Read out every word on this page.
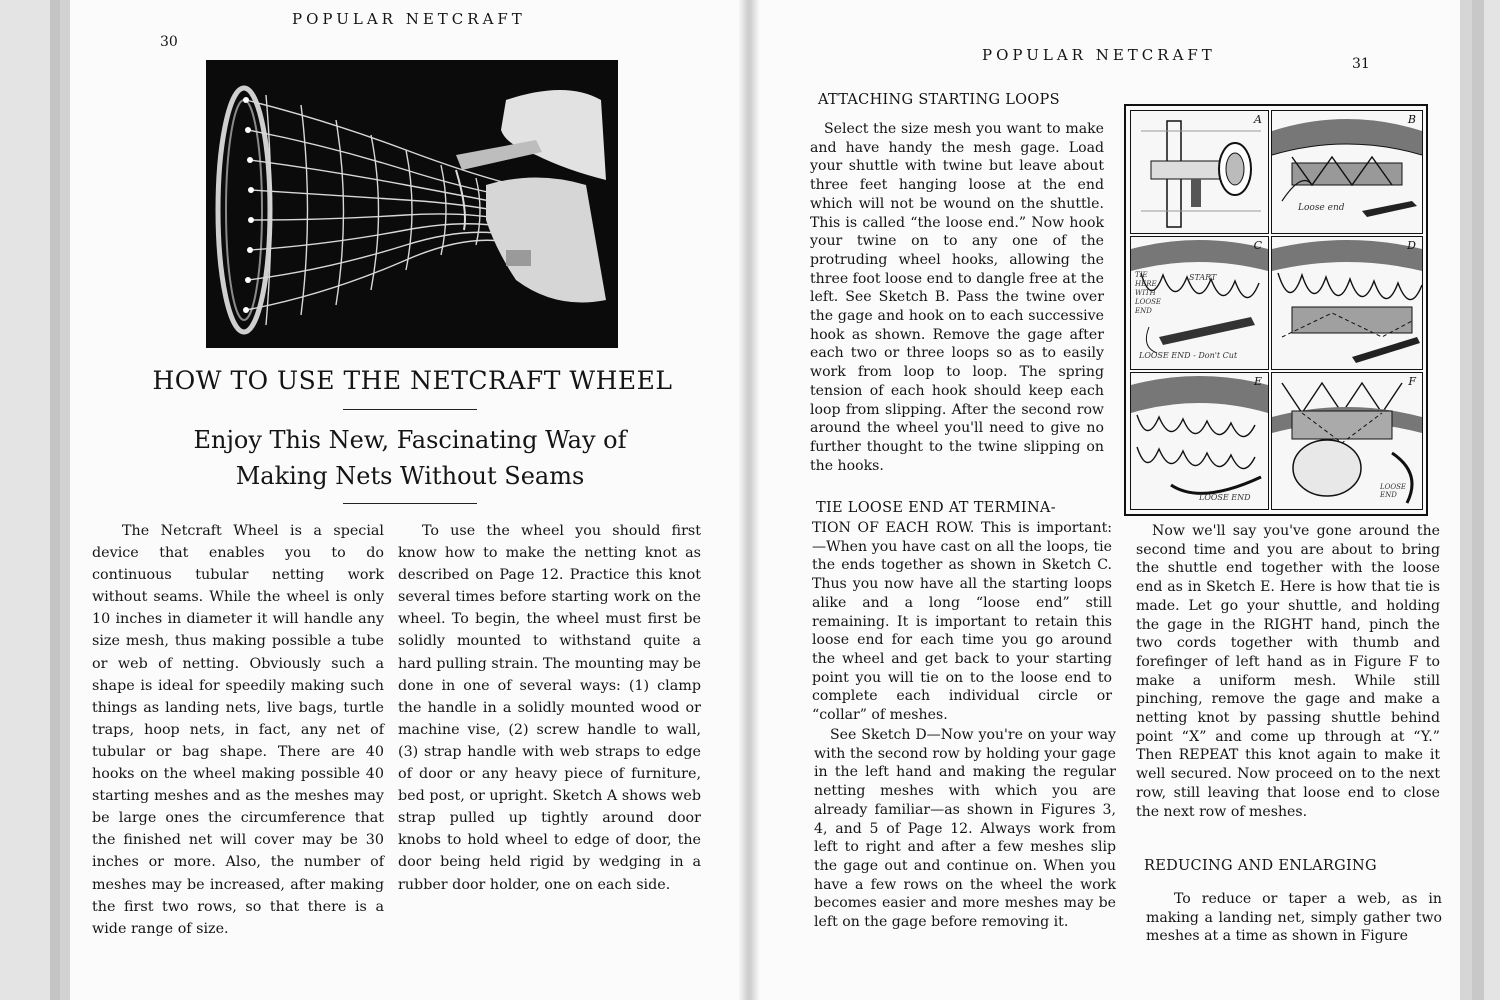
30

POPULAR NETCRAFT

HOW TO USE THE NETCRAFT WHEEL
Enjoy This New, Fascinating Way of
Making Nets Without Seams

The Netcraft Wheel is a special device that enables you to do continuous tubular netting work without seams. While the wheel is only 10 inches in diameter it will handle any size mesh, thus making possible a tube or web of netting. Obviously such a shape is ideal for speedily making such things as landing nets, live bags, turtle traps, hoop nets, in fact, any net of tubular or bag shape. There are 40 hooks on the wheel making possible 40 starting meshes and as the meshes may be large ones the circumference that the finished net will cover may be 30 inches or more. Also, the number of meshes may be increased, after making the first two rows, so that there is a wide range of size.

To use the wheel you should first know how to make the netting knot as described on Page 12. Practice this knot several times before starting work on the wheel. To begin, the wheel must first be solidly mounted to withstand quite a hard pulling strain. The mounting may be done in one of several ways: (1) clamp the handle in a solidly mounted wood or machine vise, (2) screw handle to wall, (3) strap handle with web straps to edge of door or any heavy piece of furniture, bed post, or upright. Sketch A shows web strap pulled up tightly around door knobs to hold wheel to edge of door, the door being held rigid by wedging in a rubber door holder, one on each side.

POPULAR NETCRAFT	31

ATTACHING STARTING LOOPS

Select the size mesh you want to make and have handy the mesh gage. Load your shuttle with twine but leave about three feet hanging loose at the end which will not be wound on the shuttle. This is called “the loose end.” Now hook your twine on to any one of the protruding wheel hooks, allowing the three foot loose end to dangle free at the left. See Sketch B. Pass the twine over the gage and hook on to each successive hook as shown. Remove the gage after each two or three loops so as to easily work from loop to loop. The spring tension of each hook should keep each loop from slipping. After the second row around the wheel you'll need to give no further thought to the twine slipping on the hooks.

TIE LOOSE END AT TERMINA-

TION OF EACH ROW. This is important:—When you have cast on all the loops, tie the ends together as shown in Sketch C. Thus you now have all the starting loops alike and a long “loose end” still remaining. It is important to retain this loose end for each time you go around the wheel and get back to your starting point you will tie on to the loose end to complete each individual circle or “collar” of meshes.

See Sketch D—Now you're on your way with the second row by holding your gage in the left hand and making the regular netting meshes with which you are already familiar—as shown in Figures 3, 4, and 5 of Page 12. Always work from left to right and after a few meshes slip the gage out and continue on. When you have a few rows on the wheel the work becomes easier and more meshes may be left on the gage before removing it.

Now we'll say you've gone around the second time and you are about to bring the shuttle end together with the loose end as in Sketch E. Here is how that tie is made. Let go your shuttle, and holding the gage in the RIGHT hand, pinch the two cords together with thumb and forefinger of left hand as in Figure F to make a uniform mesh. While still pinching, remove the gage and make a netting knot by passing shuttle behind point “X” and come up through at “Y.” Then REPEAT this knot again to make it well secured. Now proceed on to the next row, still leaving that loose end to close the next row of meshes.

REDUCING AND ENLARGING

To reduce or taper a web, as in making a landing net, simply gather two meshes at a time as shown in Figure

A	B
Loose end
C
TIE HERE WITH LOOSE END
START
LOOSE END - Don't Cut
D
E
LOOSE END
F
LOOSE END
